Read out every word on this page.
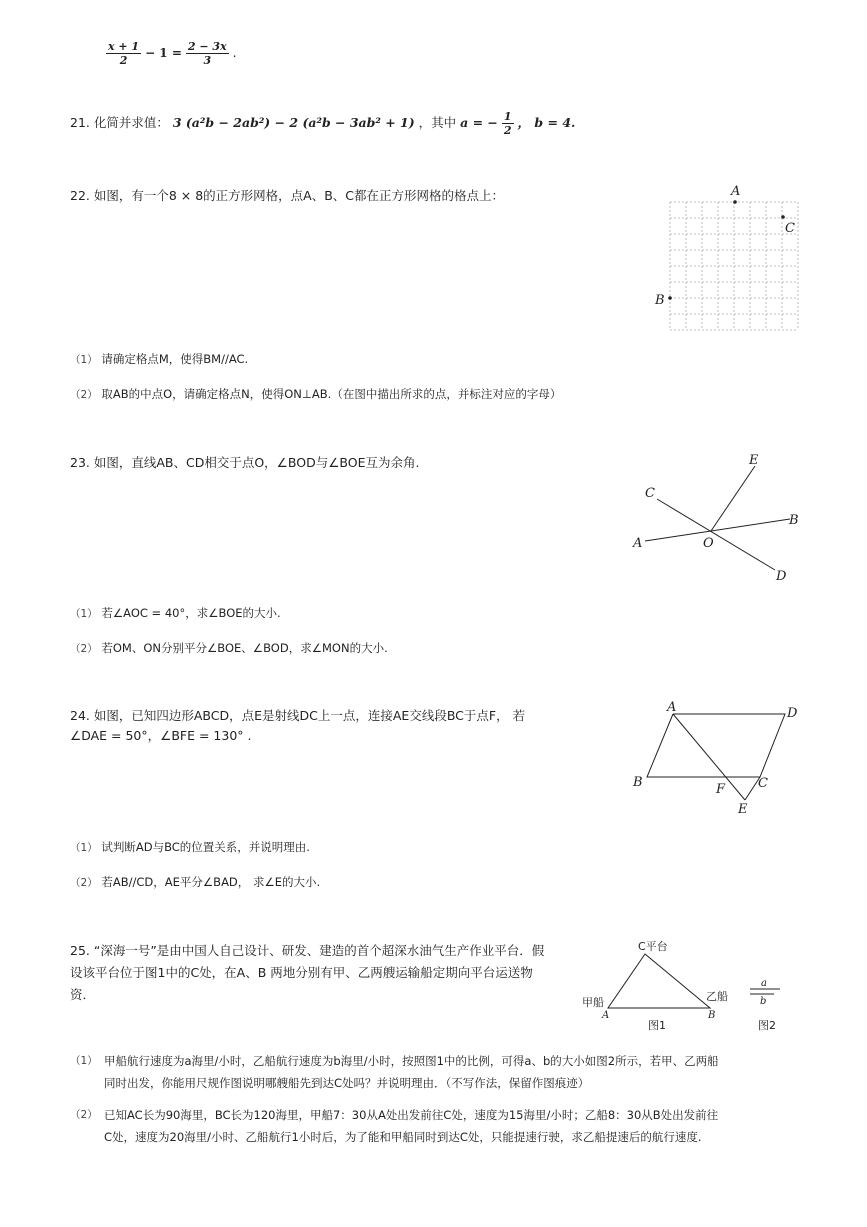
$\frac{x + 1}{2} - 1 = \frac{2 - 3x}{3}$ .
21. 化简并求值： 3 (a²b − 2ab²) − 2 (a²b − 3ab² + 1) ，其中 a = − $\frac{1}{2}$ ， b = 4.
22. 如图，有一个8 × 8的正方形网格，点A、B、C都在正方形网格的格点上：	A
C
B
（1） 请确定格点M，使得BM//AC.
（2） 取AB的中点O，请确定格点N，使得ON⊥AB.（在图中描出所求的点，并标注对应的字母）
23. 如图，直线AB、CD相交于点O，∠BOD与∠BOE互为余角.
A
B
C
D
E
O
（1） 若∠AOC = 40°，求∠BOE的大小.
（2） 若OM、ON分别平分∠BOE、∠BOD，求∠MON的大小.
24. 如图，已知四边形ABCD，点E是射线DC上一点，连接AE交线段BC于点F， 若
∠DAE = 50°，∠BFE = 130° .
A	D
B	C
F
E
（1） 试判断AD与BC的位置关系，并说明理由.
（2） 若AB//CD，AE平分∠BAD， 求∠E的大小.
25. “深海一号”是由中国人自己设计、研发、建造的首个超深水油气生产作业平台．假
设该平台位于图1中的C处，在A、B 两地分别有甲、乙两艘运输船定期向平台运送物
资．
C平台
甲船
A
乙船
B
图1
a
b
图2
（1） 甲船航行速度为a海里/小时，乙船航行速度为b海里/小时，按照图1中的比例，可得a、b的大小如图2所示，若甲、乙两船
同时出发，你能用尺规作图说明哪艘船先到达C处吗？并说明理由．（不写作法，保留作图痕迹）
（2） 已知AC长为90海里，BC长为120海里，甲船7：30从A处出发前往C处，速度为15海里/小时；乙船8：30从B处出发前往
C处，速度为20海里/小时、乙船航行1小时后，为了能和甲船同时到达C处，只能提速行驶，求乙船提速后的航行速度.
